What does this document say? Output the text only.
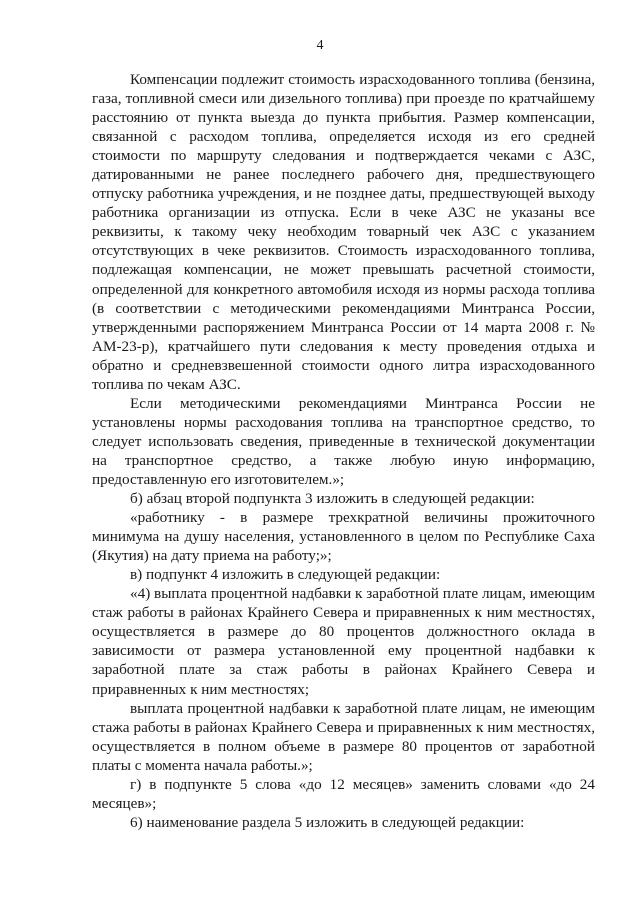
4

Компенсации подлежит стоимость израсходованного топлива (бензина, газа, топливной смеси или дизельного топлива) при проезде по кратчайшему расстоянию от пункта выезда до пункта прибытия. Размер компенсации, связанной с расходом топлива, определяется исходя из его средней стоимости по маршруту следования и подтверждается чеками с АЗС, датированными не ранее последнего рабочего дня, предшествующего отпуску работника учреждения, и не позднее даты, предшествующей выходу работника организации из отпуска. Если в чеке АЗС не указаны все реквизиты, к такому чеку необходим товарный чек АЗС с указанием отсутствующих в чеке реквизитов. Стоимость израсходованного топлива, подлежащая компенсации, не может превышать расчетной стоимости, определенной для конкретного автомобиля исходя из нормы расхода топлива (в соответствии с методическими рекомендациями Минтранса России, утвержденными распоряжением Минтранса России от 14 марта 2008 г. № АМ-23-р), кратчайшего пути следования к месту проведения отдыха и обратно и средневзвешенной стоимости одного литра израсходованного топлива по чекам АЗС.

Если методическими рекомендациями Минтранса России не установлены нормы расходования топлива на транспортное средство, то следует использовать сведения, приведенные в технической документации на транспортное средство, а также любую иную информацию, предоставленную его изготовителем.»;

б) абзац второй подпункта 3 изложить в следующей редакции:

«работнику - в размере трехкратной величины прожиточного минимума на душу населения, установленного в целом по Республике Саха (Якутия) на дату приема на работу;»;

в) подпункт 4 изложить в следующей редакции:

«4) выплата процентной надбавки к заработной плате лицам, имеющим стаж работы в районах Крайнего Севера и приравненных к ним местностях, осуществляется в размере до 80 процентов должностного оклада в зависимости от размера установленной ему процентной надбавки к заработной плате за стаж работы в районах Крайнего Севера и приравненных к ним местностях;

выплата процентной надбавки к заработной плате лицам, не имеющим стажа работы в районах Крайнего Севера и приравненных к ним местностях, осуществляется в полном объеме в размере 80 процентов от заработной платы с момента начала работы.»;

г) в подпункте 5 слова «до 12 месяцев» заменить словами «до 24 месяцев»;

6) наименование раздела 5 изложить в следующей редакции:
